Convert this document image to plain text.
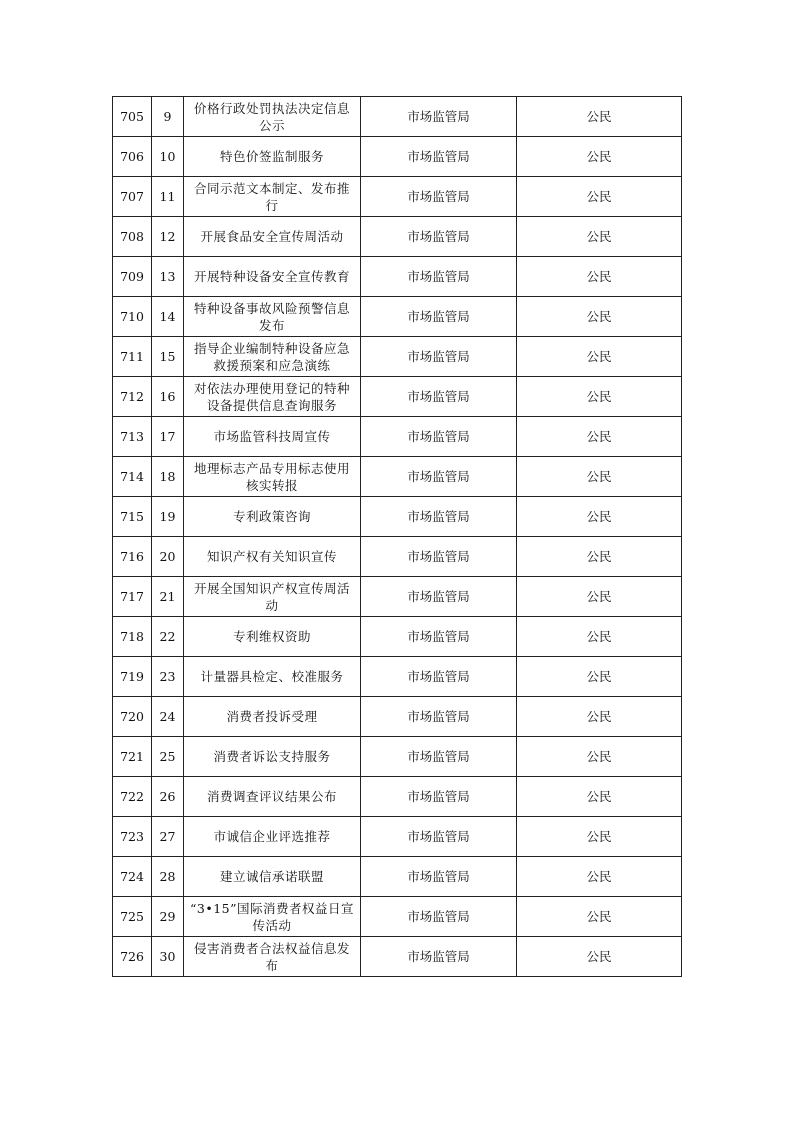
705	9	价格行政处罚执法决定信息公示	市场监管局	公民
706	10	特色价签监制服务	市场监管局	公民
707	11	合同示范文本制定、发布推行	市场监管局	公民
708	12	开展食品安全宣传周活动	市场监管局	公民
709	13	开展特种设备安全宣传教育	市场监管局	公民
710	14	特种设备事故风险预警信息发布	市场监管局	公民
711	15	指导企业编制特种设备应急救援预案和应急演练	市场监管局	公民
712	16	对依法办理使用登记的特种设备提供信息查询服务	市场监管局	公民
713	17	市场监管科技周宣传	市场监管局	公民
714	18	地理标志产品专用标志使用核实转报	市场监管局	公民
715	19	专利政策咨询	市场监管局	公民
716	20	知识产权有关知识宣传	市场监管局	公民
717	21	开展全国知识产权宣传周活动	市场监管局	公民
718	22	专利维权资助	市场监管局	公民
719	23	计量器具检定、校准服务	市场监管局	公民
720	24	消费者投诉受理	市场监管局	公民
721	25	消费者诉讼支持服务	市场监管局	公民
722	26	消费调查评议结果公布	市场监管局	公民
723	27	市诚信企业评选推荐	市场监管局	公民
724	28	建立诚信承诺联盟	市场监管局	公民
725	29	“3•15”国际消费者权益日宣传活动	市场监管局	公民
726	30	侵害消费者合法权益信息发布	市场监管局	公民
